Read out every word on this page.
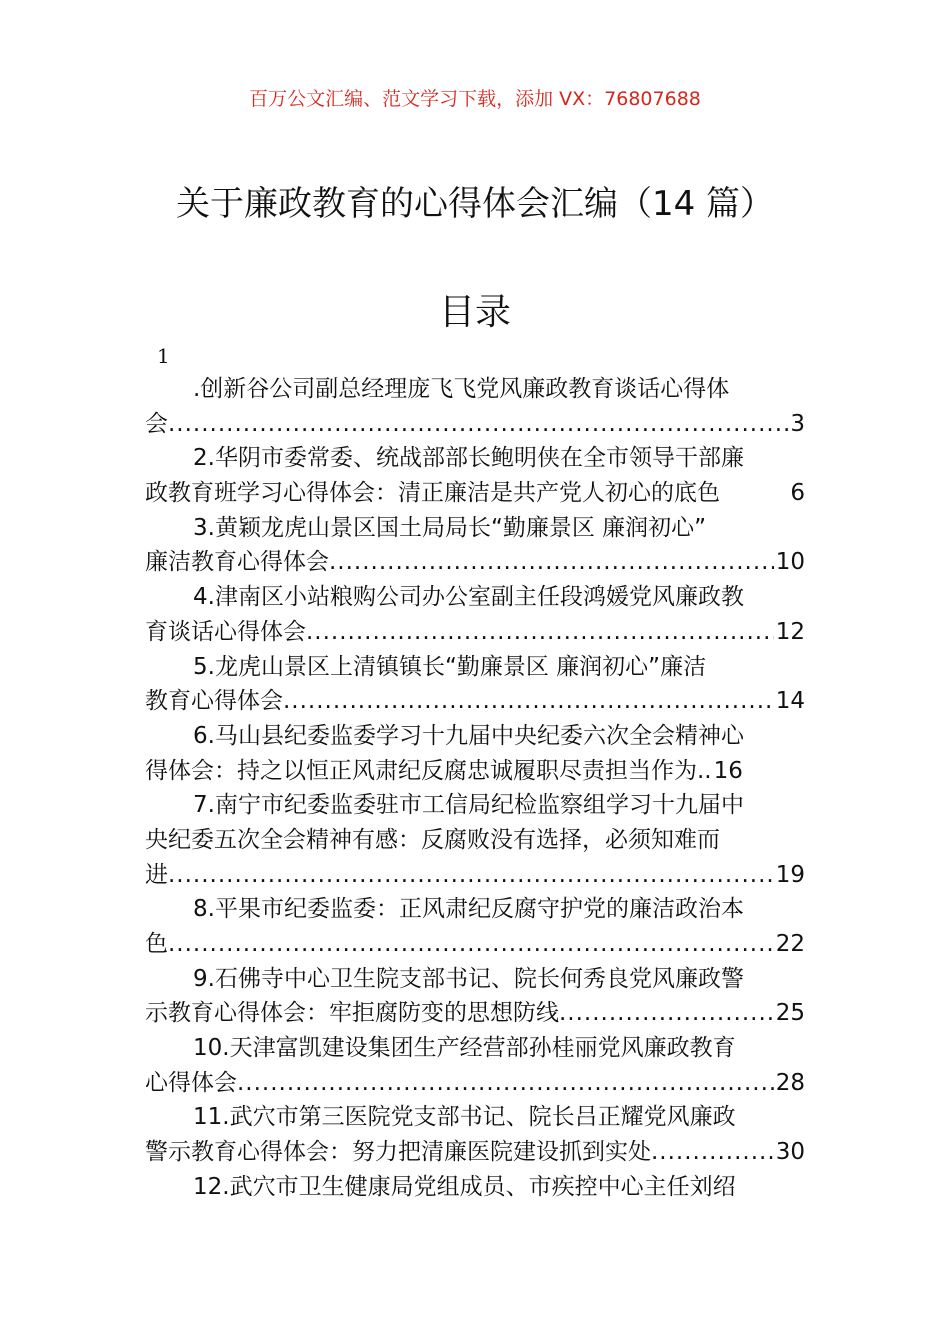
百万公文汇编、范文学习下载，添加 VX：76807688
关于廉政教育的心得体会汇编（14 篇）
目录
1
.创新谷公司副总经理庞飞飞党风廉政教育谈话心得体
会 .....	3
2.华阴市委常委、统战部部长鲍明侠在全市领导干部廉
政教育班学习心得体会：清正廉洁是共产党人初心的底色	6
3.黄颖龙虎山景区国土局局长“勤廉景区 廉润初心”
廉洁教育心得体会 .....	10
4.津南区小站粮购公司办公室副主任段鸿媛党风廉政教
育谈话心得体会 .....	12
5.龙虎山景区上清镇镇长“勤廉景区 廉润初心”廉洁
教育心得体会 .....	14
6.马山县纪委监委学习十九届中央纪委六次全会精神心
得体会：持之以恒正风肃纪反腐忠诚履职尽责担当作为 .. 16
7.南宁市纪委监委驻市工信局纪检监察组学习十九届中
央纪委五次全会精神有感：反腐败没有选择，必须知难而
进 .....	19
8.平果市纪委监委：正风肃纪反腐守护党的廉洁政治本
色 .....	22
9.石佛寺中心卫生院支部书记、院长何秀良党风廉政警
示教育心得体会：牢拒腐防变的思想防线 .....	25
10.天津富凯建设集团生产经营部孙桂丽党风廉政教育
心得体会 .....	28
11.武穴市第三医院党支部书记、院长吕正耀党风廉政
警示教育心得体会：努力把清廉医院建设抓到实处 .....	30
12.武穴市卫生健康局党组成员、市疾控中心主任刘绍
